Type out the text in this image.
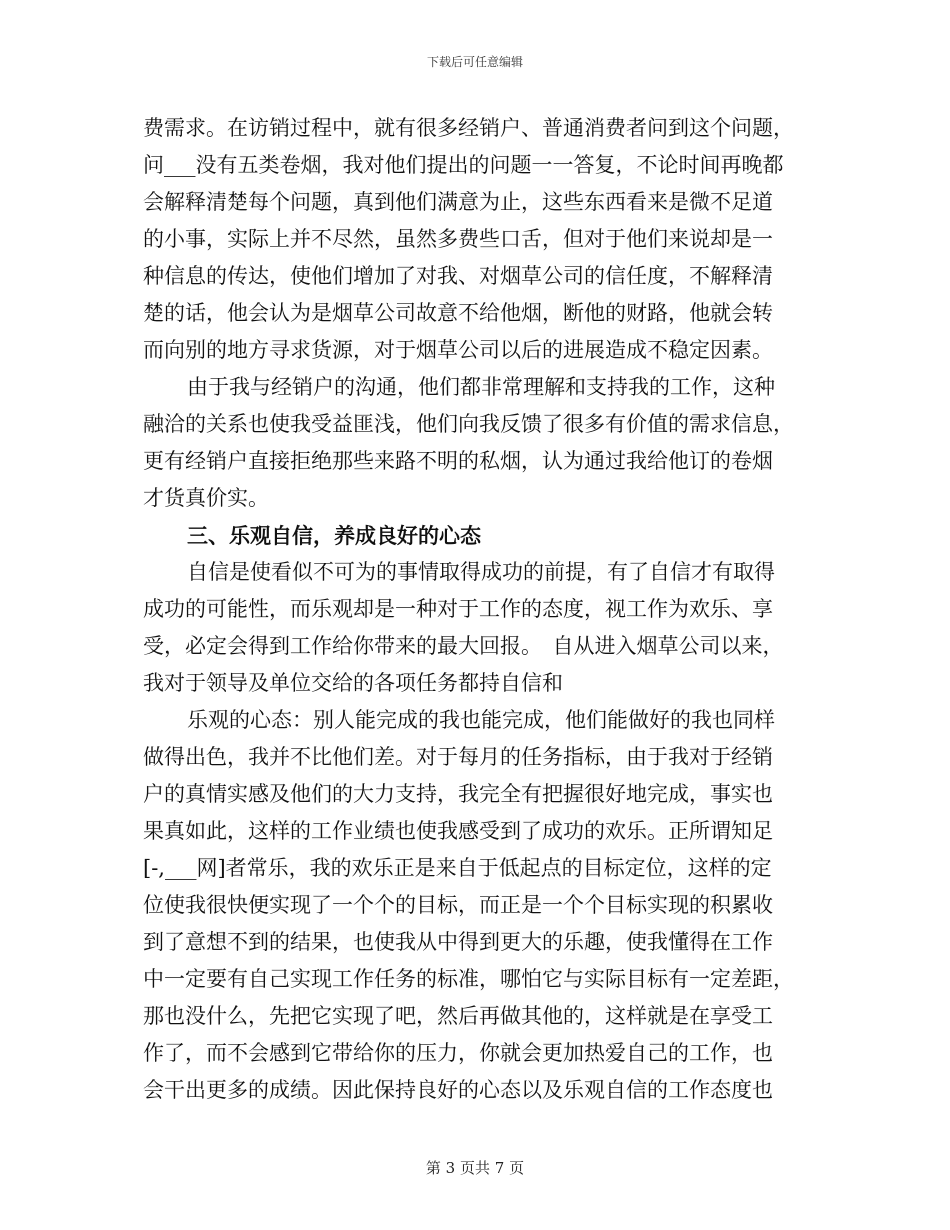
下载后可任意编辑
费需求。在访销过程中，就有很多经销户、普通消费者问到这个问题，
问___没有五类卷烟，我对他们提出的问题一一答复，不论时间再晚都
会解释清楚每个问题，真到他们满意为止，这些东西看来是微不足道
的小事，实际上并不尽然，虽然多费些口舌，但对于他们来说却是一
种信息的传达，使他们增加了对我、对烟草公司的信任度，不解释清
楚的话，他会认为是烟草公司故意不给他烟，断他的财路，他就会转
而向别的地方寻求货源，对于烟草公司以后的进展造成不稳定因素。
由于我与经销户的沟通，他们都非常理解和支持我的工作，这种
融洽的关系也使我受益匪浅，他们向我反馈了很多有价值的需求信息，
更有经销户直接拒绝那些来路不明的私烟，认为通过我给他订的卷烟
才货真价实。
三、乐观自信，养成良好的心态
自信是使看似不可为的事情取得成功的前提，有了自信才有取得
成功的可能性，而乐观却是一种对于工作的态度，视工作为欢乐、享
受，必定会得到工作给你带来的最大回报。　自从进入烟草公司以来，
我对于领导及单位交给的各项任务都持自信和
乐观的心态：别人能完成的我也能完成，他们能做好的我也同样
做得出色，我并不比他们差。对于每月的任务指标，由于我对于经销
户的真情实感及他们的大力支持，我完全有把握很好地完成，事实也
果真如此，这样的工作业绩也使我感受到了成功的欢乐。正所谓知足
[-,___网]者常乐，我的欢乐正是来自于低起点的目标定位，这样的定
位使我很快便实现了一个个的目标，而正是一个个目标实现的积累收
到了意想不到的结果，也使我从中得到更大的乐趣，使我懂得在工作
中一定要有自己实现工作任务的标准，哪怕它与实际目标有一定差距，
那也没什么，先把它实现了吧，然后再做其他的，这样就是在享受工
作了，而不会感到它带给你的压力，你就会更加热爱自己的工作，也
会干出更多的成绩。因此保持良好的心态以及乐观自信的工作态度也
第 3 页共 7 页
